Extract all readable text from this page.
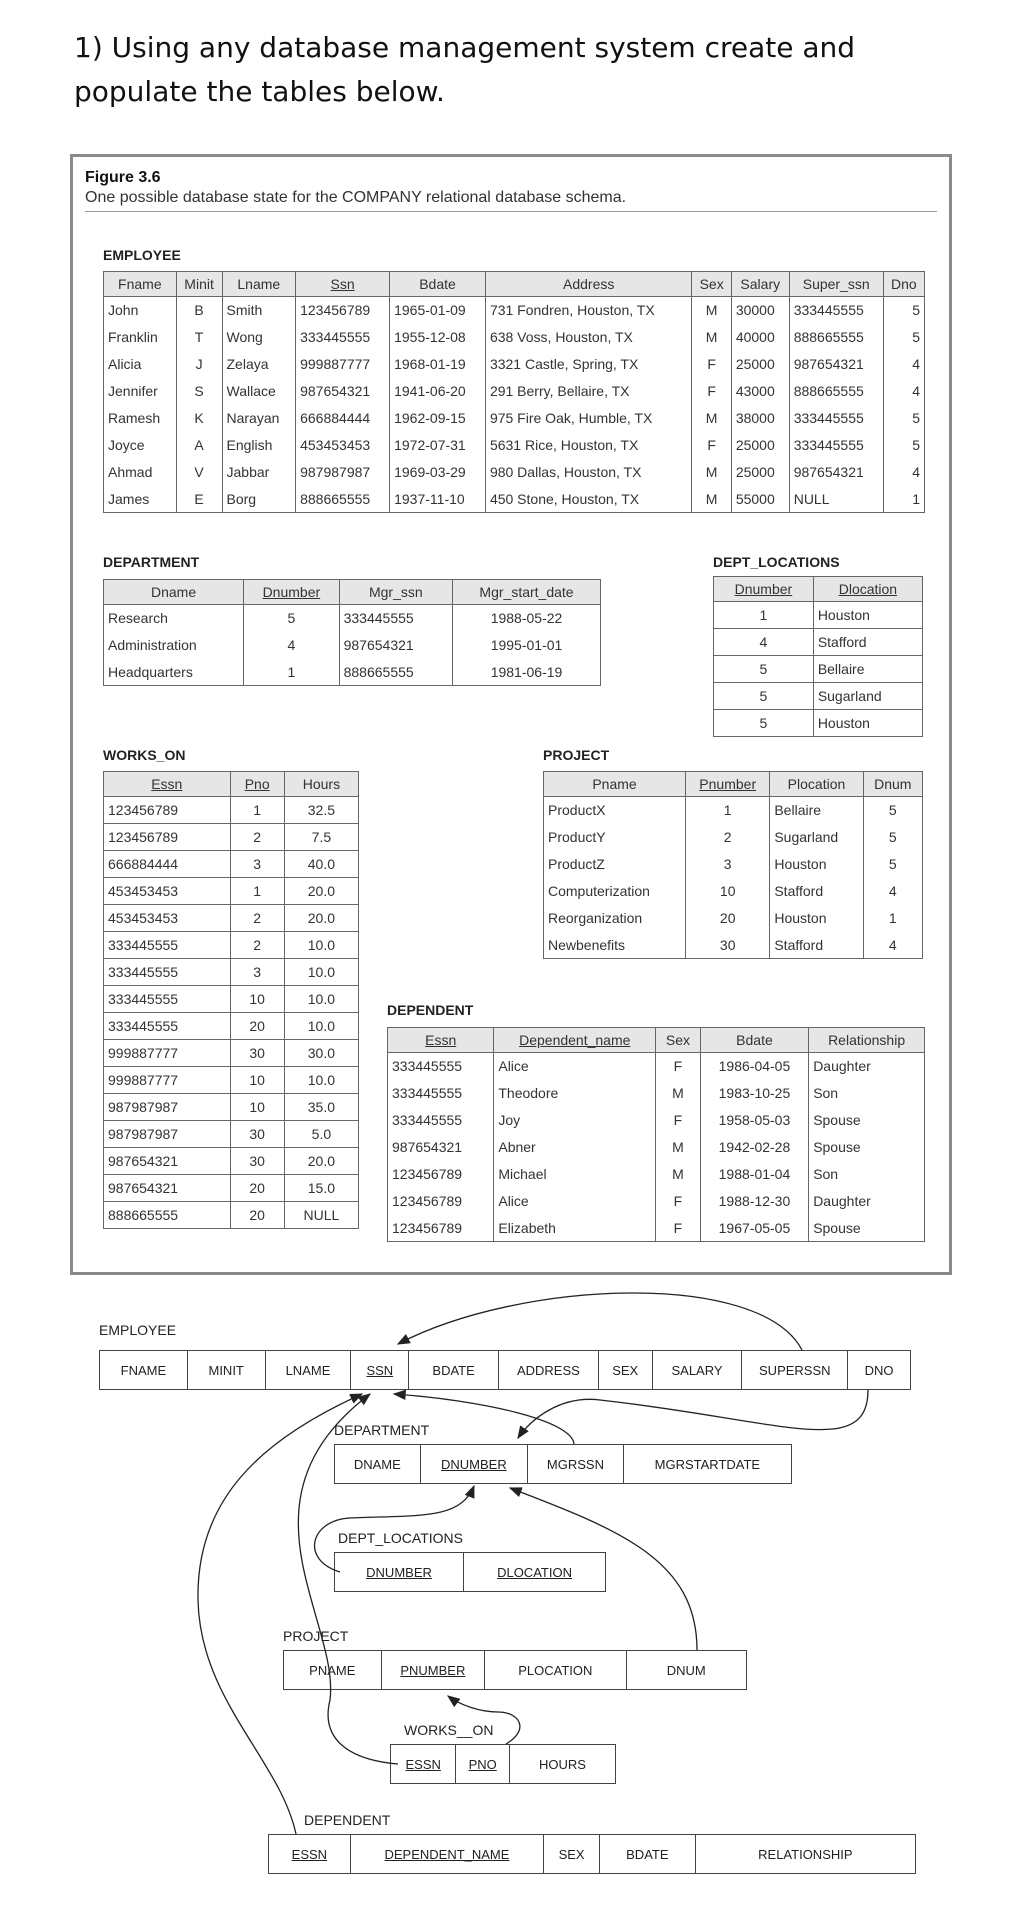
1) Using any database management system create and populate the tables below.
Figure 3.6
One possible database state for the COMPANY relational database schema.
EMPLOYEE
Fname	Minit	Lname	Ssn	Bdate	Address	Sex	Salary	Super_ssn	Dno
John	B	Smith	123456789	1965-01-09	731 Fondren, Houston, TX	M	30000	333445555	5
Franklin	T	Wong	333445555	1955-12-08	638 Voss, Houston, TX	M	40000	888665555	5
Alicia	J	Zelaya	999887777	1968-01-19	3321 Castle, Spring, TX	F	25000	987654321	4
Jennifer	S	Wallace	987654321	1941-06-20	291 Berry, Bellaire, TX	F	43000	888665555	4
Ramesh	K	Narayan	666884444	1962-09-15	975 Fire Oak, Humble, TX	M	38000	333445555	5
Joyce	A	English	453453453	1972-07-31	5631 Rice, Houston, TX	F	25000	333445555	5
Ahmad	V	Jabbar	987987987	1969-03-29	980 Dallas, Houston, TX	M	25000	987654321	4
James	E	Borg	888665555	1937-11-10	450 Stone, Houston, TX	M	55000	NULL	1
DEPARTMENT
Dname	Dnumber	Mgr_ssn	Mgr_start_date
Research	5	333445555	1988-05-22
Administration	4	987654321	1995-01-01
Headquarters	1	888665555	1981-06-19
DEPT_LOCATIONS
Dnumber	Dlocation
1	Houston
4	Stafford
5	Bellaire
5	Sugarland
5	Houston
WORKS_ON
Essn	Pno	Hours
123456789	1	32.5
123456789	2	7.5
666884444	3	40.0
453453453	1	20.0
453453453	2	20.0
333445555	2	10.0
333445555	3	10.0
333445555	10	10.0
333445555	20	10.0
999887777	30	30.0
999887777	10	10.0
987987987	10	35.0
987987987	30	5.0
987654321	30	20.0
987654321	20	15.0
888665555	20	NULL
PROJECT
Pname	Pnumber	Plocation	Dnum
ProductX	1	Bellaire	5
ProductY	2	Sugarland	5
ProductZ	3	Houston	5
Computerization	10	Stafford	4
Reorganization	20	Houston	1
Newbenefits	30	Stafford	4
DEPENDENT
Essn	Dependent_name	Sex	Bdate	Relationship
333445555	Alice	F	1986-04-05	Daughter
333445555	Theodore	M	1983-10-25	Son
333445555	Joy	F	1958-05-03	Spouse
987654321	Abner	M	1942-02-28	Spouse
123456789	Michael	M	1988-01-04	Son
123456789	Alice	F	1988-12-30	Daughter
123456789	Elizabeth	F	1967-05-05	Spouse
EMPLOYEE
FNAME	MINIT	LNAME	SSN	BDATE	ADDRESS	SEX	SALARY	SUPERSSN	DNO
DEPARTMENT
DNAME	DNUMBER	MGRSSN	MGRSTARTDATE
DEPT_LOCATIONS
DNUMBER	DLOCATION
PROJECT
PNAME	PNUMBER	PLOCATION	DNUM
WORKS__ON
ESSN	PNO	HOURS
DEPENDENT
ESSN	DEPENDENT_NAME	SEX	BDATE	RELATIONSHIP
